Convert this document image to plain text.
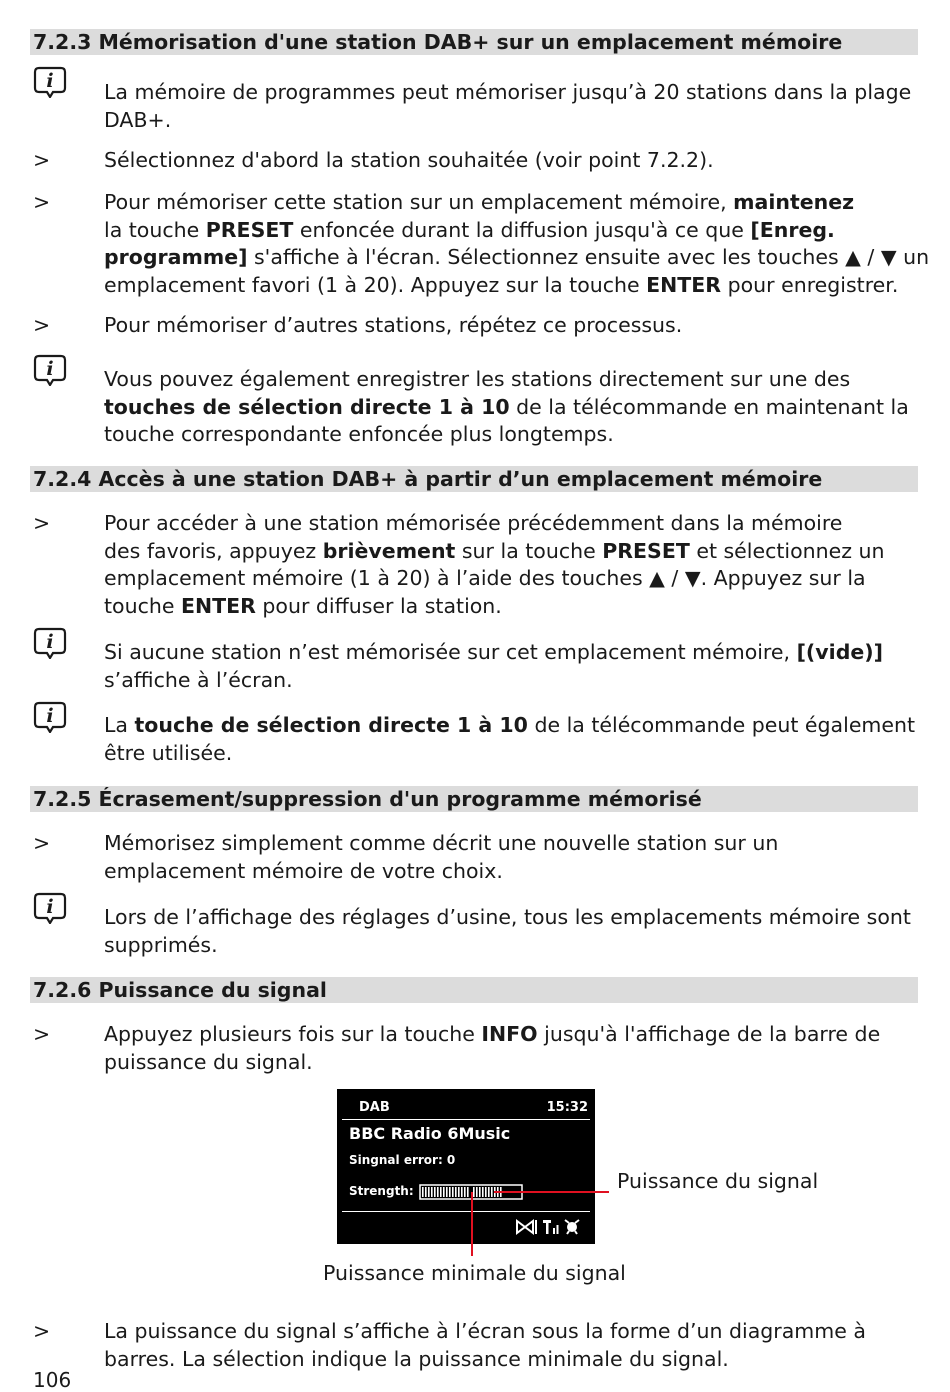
7.2.3 Mémorisation d'une station DAB+ sur un emplacement mémoire
i La mémoire de programmes peut mémoriser jusqu’à 20 stations dans la plage
DAB+.
>	Sélectionnez d'abord la station souhaitée (voir point 7.2.2).
>	Pour mémoriser cette station sur un emplacement mémoire, maintenez
la touche PRESET enfoncée durant la diffusion jusqu'à ce que [Enreg.
programme] s'affiche à l'écran. Sélectionnez ensuite avec les touches ▲ / ▼ un
emplacement favori (1 à 20). Appuyez sur la touche ENTER pour enregistrer.
>	Pour mémoriser d’autres stations, répétez ce processus.
i Vous pouvez également enregistrer les stations directement sur une des
touches de sélection directe 1 à 10 de la télécommande en maintenant la
touche correspondante enfoncée plus longtemps.
7.2.4 Accès à une station DAB+ à partir d’un emplacement mémoire
>	Pour accéder à une station mémorisée précédemment dans la mémoire
des favoris, appuyez brièvement sur la touche PRESET et sélectionnez un
emplacement mémoire (1 à 20) à l’aide des touches ▲ / ▼. Appuyez sur la
touche ENTER pour diffuser la station.
i Si aucune station n’est mémorisée sur cet emplacement mémoire, [(vide)]
s’affiche à l’écran.
i La touche de sélection directe 1 à 10 de la télécommande peut également
être utilisée.
7.2.5 Écrasement/suppression d'un programme mémorisé
>	Mémorisez simplement comme décrit une nouvelle station sur un
emplacement mémoire de votre choix.
i Lors de l’affichage des réglages d’usine, tous les emplacements mémoire sont
supprimés.
7.2.6 Puissance du signal
>	Appuyez plusieurs fois sur la touche INFO jusqu'à l'affichage de la barre de
puissance du signal.
DAB	15:32
BBC Radio 6Music
Singnal error: 0
Strength:	Puissance du signal
Puissance minimale du signal
>	La puissance du signal s’affiche à l’écran sous la forme d’un diagramme à
barres. La sélection indique la puissance minimale du signal.
106
